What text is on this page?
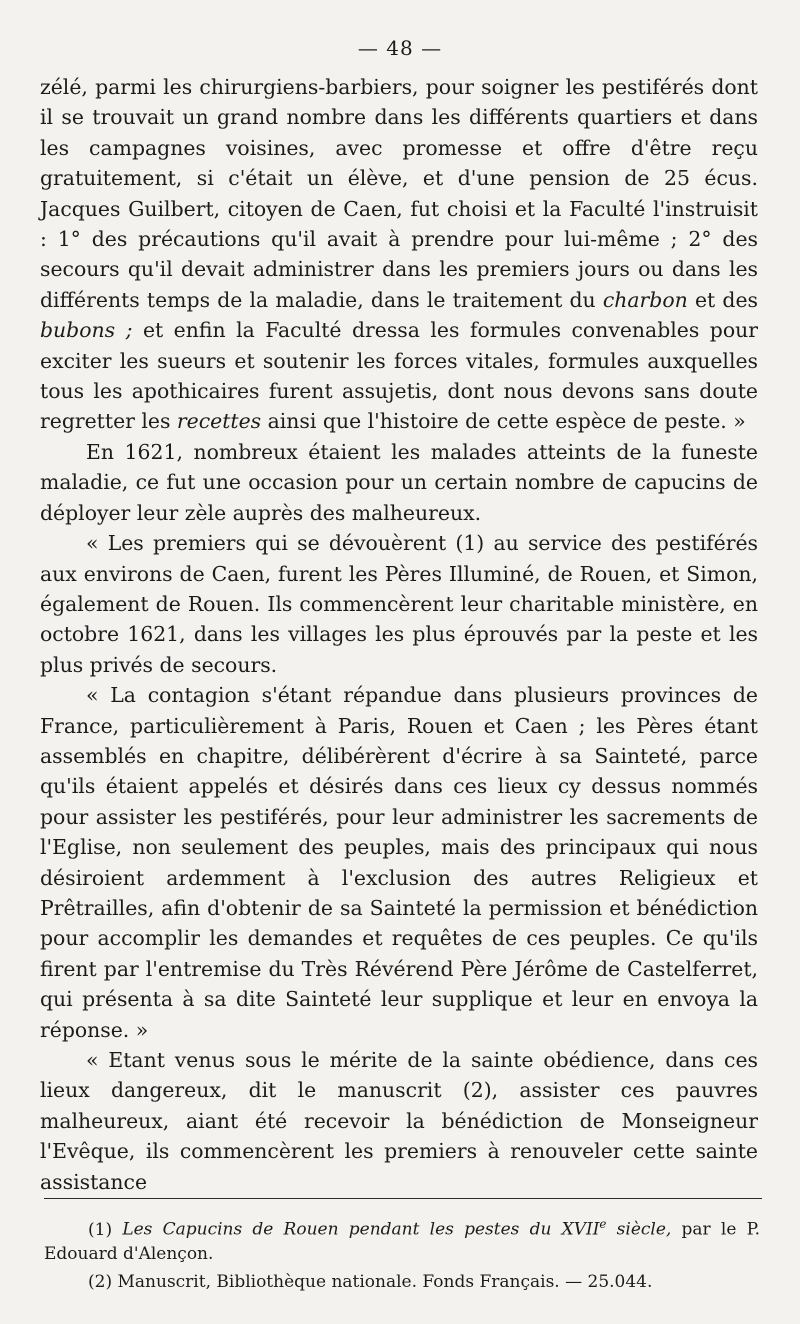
— 48 —

zélé, parmi les chirurgiens-barbiers, pour soigner les pestiférés dont il se trouvait un grand nombre dans les différents quartiers et dans les campagnes voisines, avec promesse et offre d'être reçu gratuitement, si c'était un élève, et d'une pension de 25 écus. Jacques Guilbert, citoyen de Caen, fut choisi et la Faculté l'instruisit : 1° des précautions qu'il avait à prendre pour lui-même ; 2° des secours qu'il devait administrer dans les premiers jours ou dans les différents temps de la maladie, dans le traitement du charbon et des bubons ; et enfin la Faculté dressa les formules convenables pour exciter les sueurs et soutenir les forces vitales, formules auxquelles tous les apothicaires furent assujetis, dont nous devons sans doute regretter les recettes ainsi que l'histoire de cette espèce de peste. »

En 1621, nombreux étaient les malades atteints de la funeste maladie, ce fut une occasion pour un certain nombre de capucins de déployer leur zèle auprès des malheureux.

« Les premiers qui se dévouèrent (1) au service des pestiférés aux environs de Caen, furent les Pères Illuminé, de Rouen, et Simon, également de Rouen. Ils commencèrent leur charitable ministère, en octobre 1621, dans les villages les plus éprouvés par la peste et les plus privés de secours.

« La contagion s'étant répandue dans plusieurs provinces de France, particulièrement à Paris, Rouen et Caen ; les Pères étant assemblés en chapitre, délibérèrent d'écrire à sa Sainteté, parce qu'ils étaient appelés et désirés dans ces lieux cy dessus nommés pour assister les pestiférés, pour leur administrer les sacrements de l'Eglise, non seulement des peuples, mais des principaux qui nous désiroient ardemment à l'exclusion des autres Religieux et Prêtrailles, afin d'obtenir de sa Sainteté la permission et bénédiction pour accomplir les demandes et requêtes de ces peuples. Ce qu'ils firent par l'entremise du Très Révérend Père Jérôme de Castelferret, qui présenta à sa dite Sainteté leur supplique et leur en envoya la réponse. »

« Etant venus sous le mérite de la sainte obédience, dans ces lieux dangereux, dit le manuscrit (2), assister ces pauvres malheureux, aiant été recevoir la bénédiction de Monseigneur l'Evêque, ils commencèrent les premiers à renouveler cette sainte assistance

(1) Les Capucins de Rouen pendant les pestes du XVIIe siècle, par le P. Edouard d'Alençon.

(2) Manuscrit, Bibliothèque nationale. Fonds Français. — 25.044.
